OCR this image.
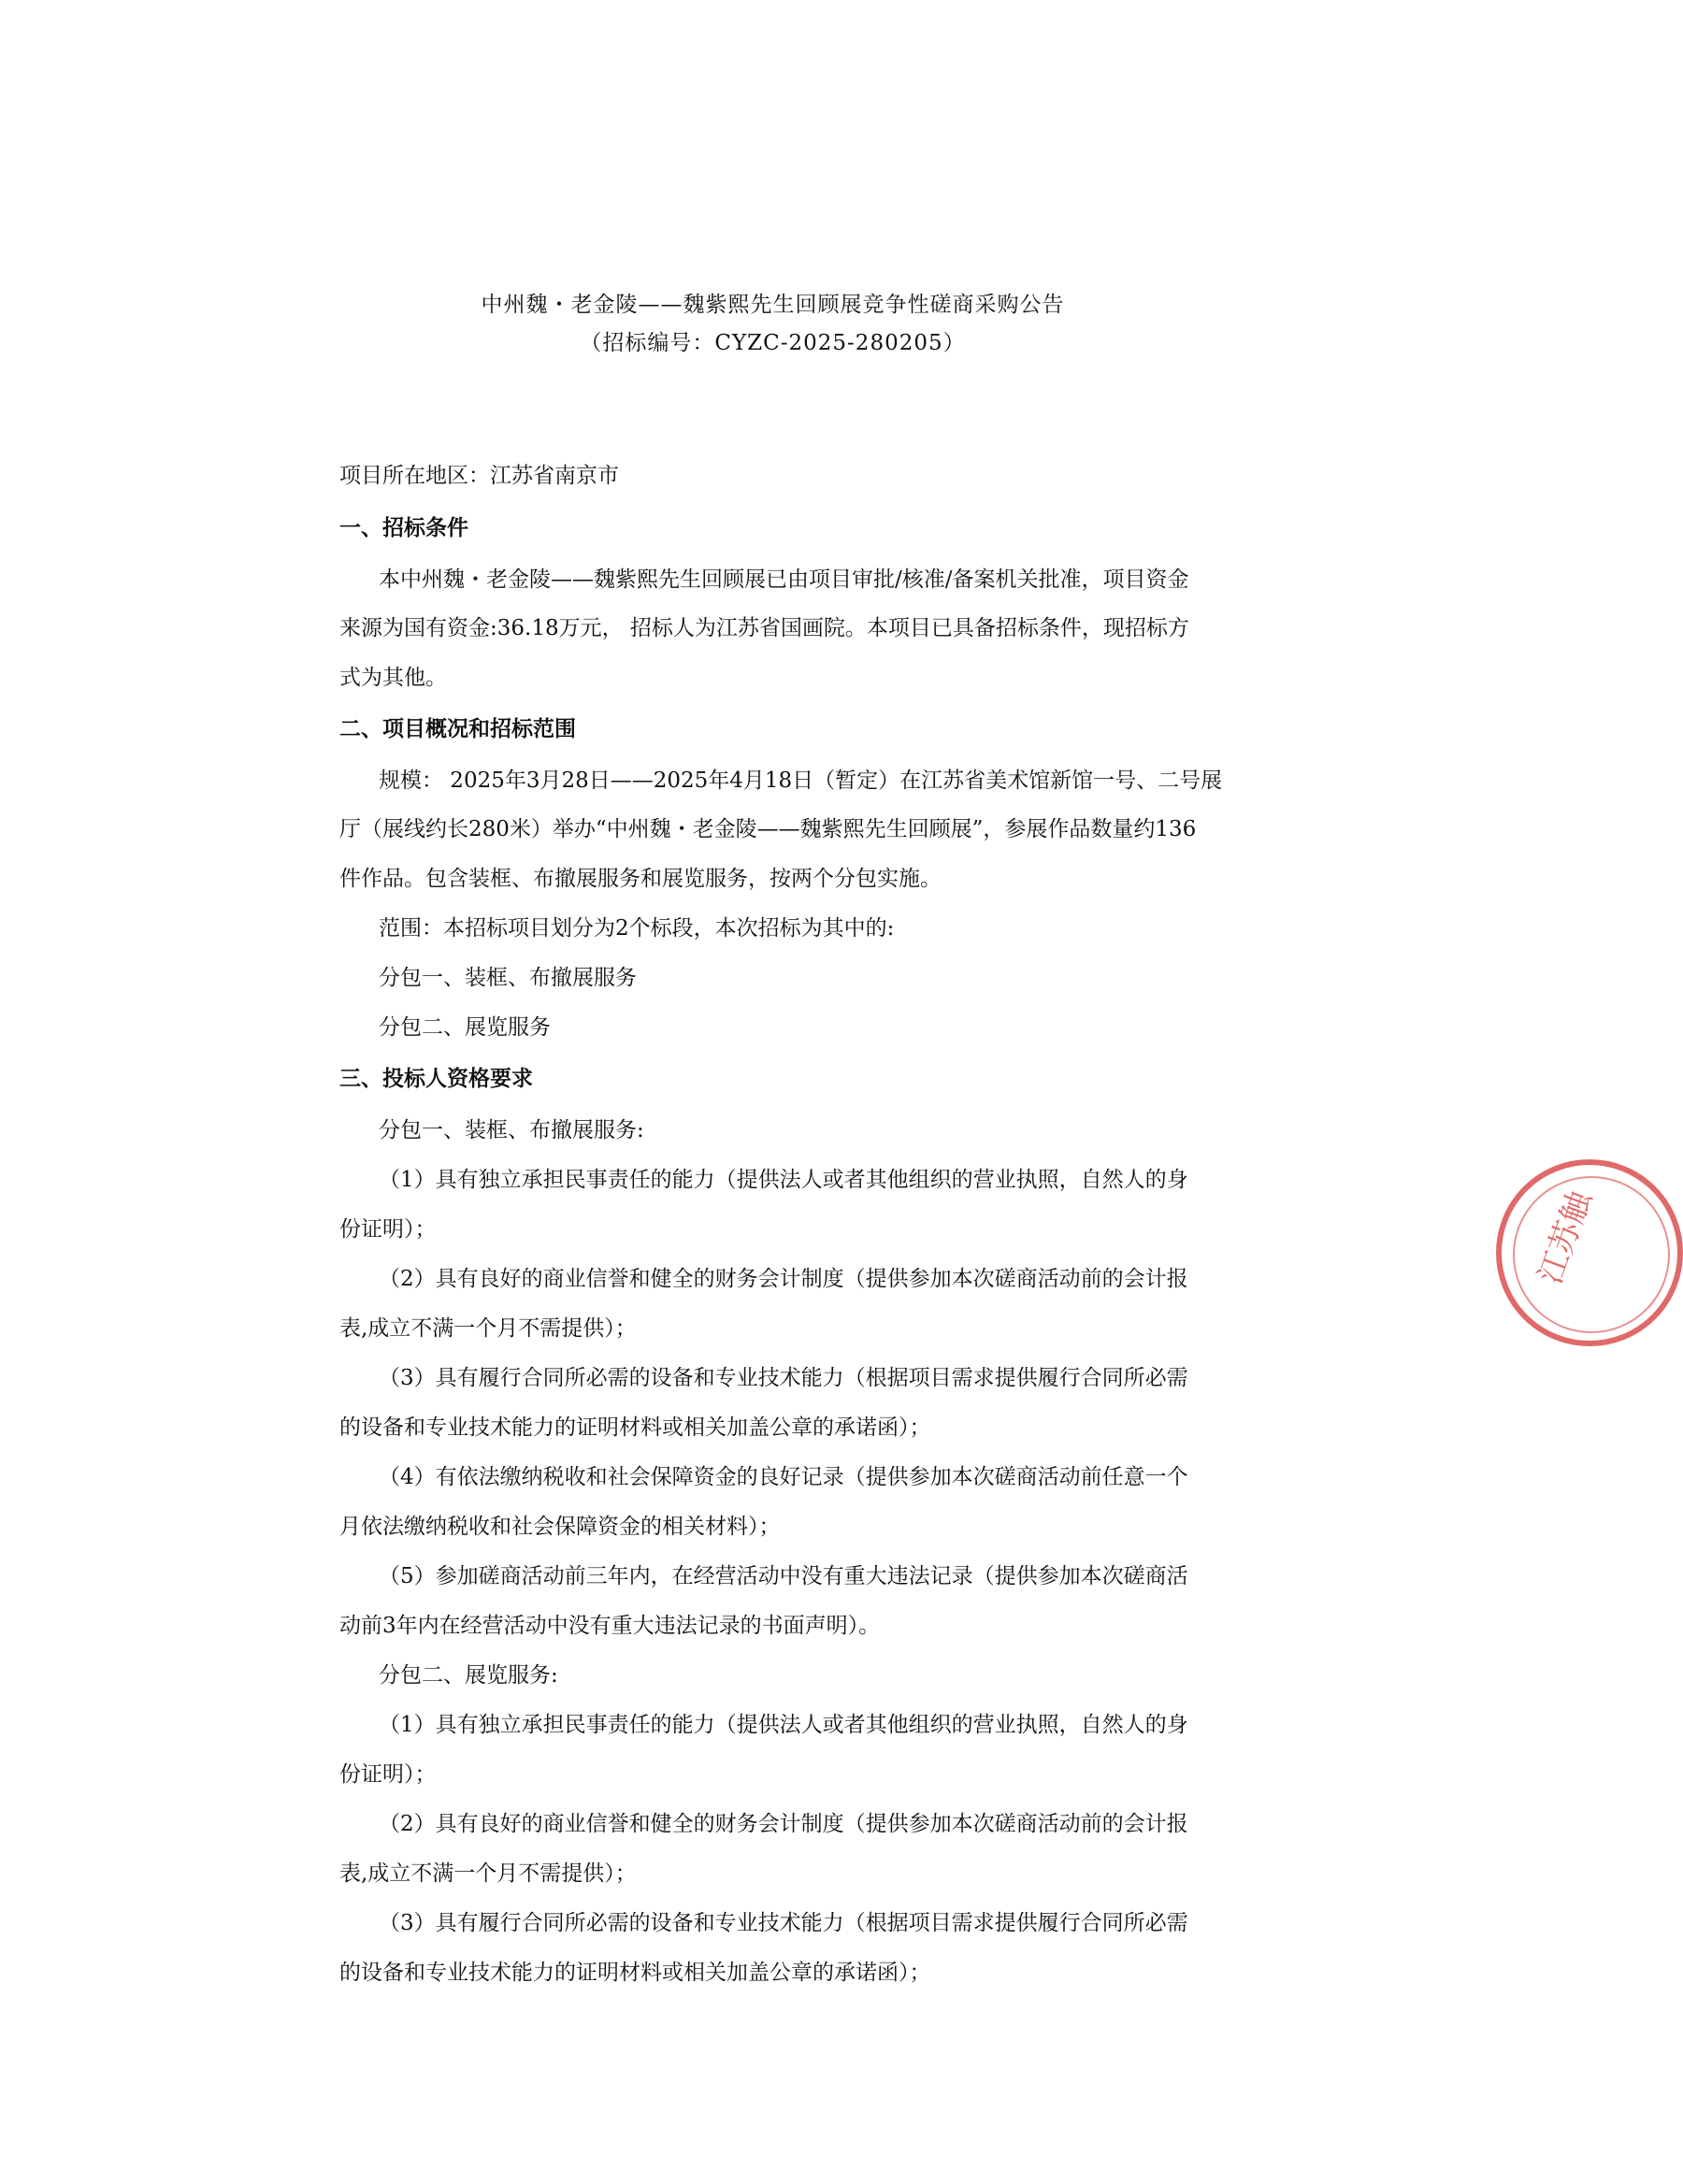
中州魏・老金陵——魏紫熙先生回顾展竞争性磋商采购公告
（招标编号：CYZC-2025-280205）
项目所在地区：江苏省南京市
一、招标条件
本中州魏・老金陵——魏紫熙先生回顾展已由项目审批/核准/备案机关批准，项目资金
来源为国有资金:36.18万元， 招标人为江苏省国画院。本项目已具备招标条件，现招标方
式为其他。
二、项目概况和招标范围
规模： 2025年3月28日——2025年4月18日（暂定）在江苏省美术馆新馆一号、二号展
厅（展线约长280米）举办“中州魏・老金陵——魏紫熙先生回顾展”，参展作品数量约136
件作品。包含装框、布撤展服务和展览服务，按两个分包实施。
范围：本招标项目划分为2个标段，本次招标为其中的:
分包一、装框、布撤展服务
分包二、展览服务
三、投标人资格要求
分包一、装框、布撤展服务:
（1）具有独立承担民事责任的能力（提供法人或者其他组织的营业执照，自然人的身
份证明）；
（2）具有良好的商业信誉和健全的财务会计制度（提供参加本次磋商活动前的会计报
表,成立不满一个月不需提供）；
（3）具有履行合同所必需的设备和专业技术能力（根据项目需求提供履行合同所必需
的设备和专业技术能力的证明材料或相关加盖公章的承诺函）；
（4）有依法缴纳税收和社会保障资金的良好记录（提供参加本次磋商活动前任意一个
月依法缴纳税收和社会保障资金的相关材料）；
（5）参加磋商活动前三年内，在经营活动中没有重大违法记录（提供参加本次磋商活
动前3年内在经营活动中没有重大违法记录的书面声明）。
分包二、展览服务:
（1）具有独立承担民事责任的能力（提供法人或者其他组织的营业执照，自然人的身
份证明）；
（2）具有良好的商业信誉和健全的财务会计制度（提供参加本次磋商活动前的会计报
表,成立不满一个月不需提供）；
（3）具有履行合同所必需的设备和专业技术能力（根据项目需求提供履行合同所必需
的设备和专业技术能力的证明材料或相关加盖公章的承诺函）；
江苏触
